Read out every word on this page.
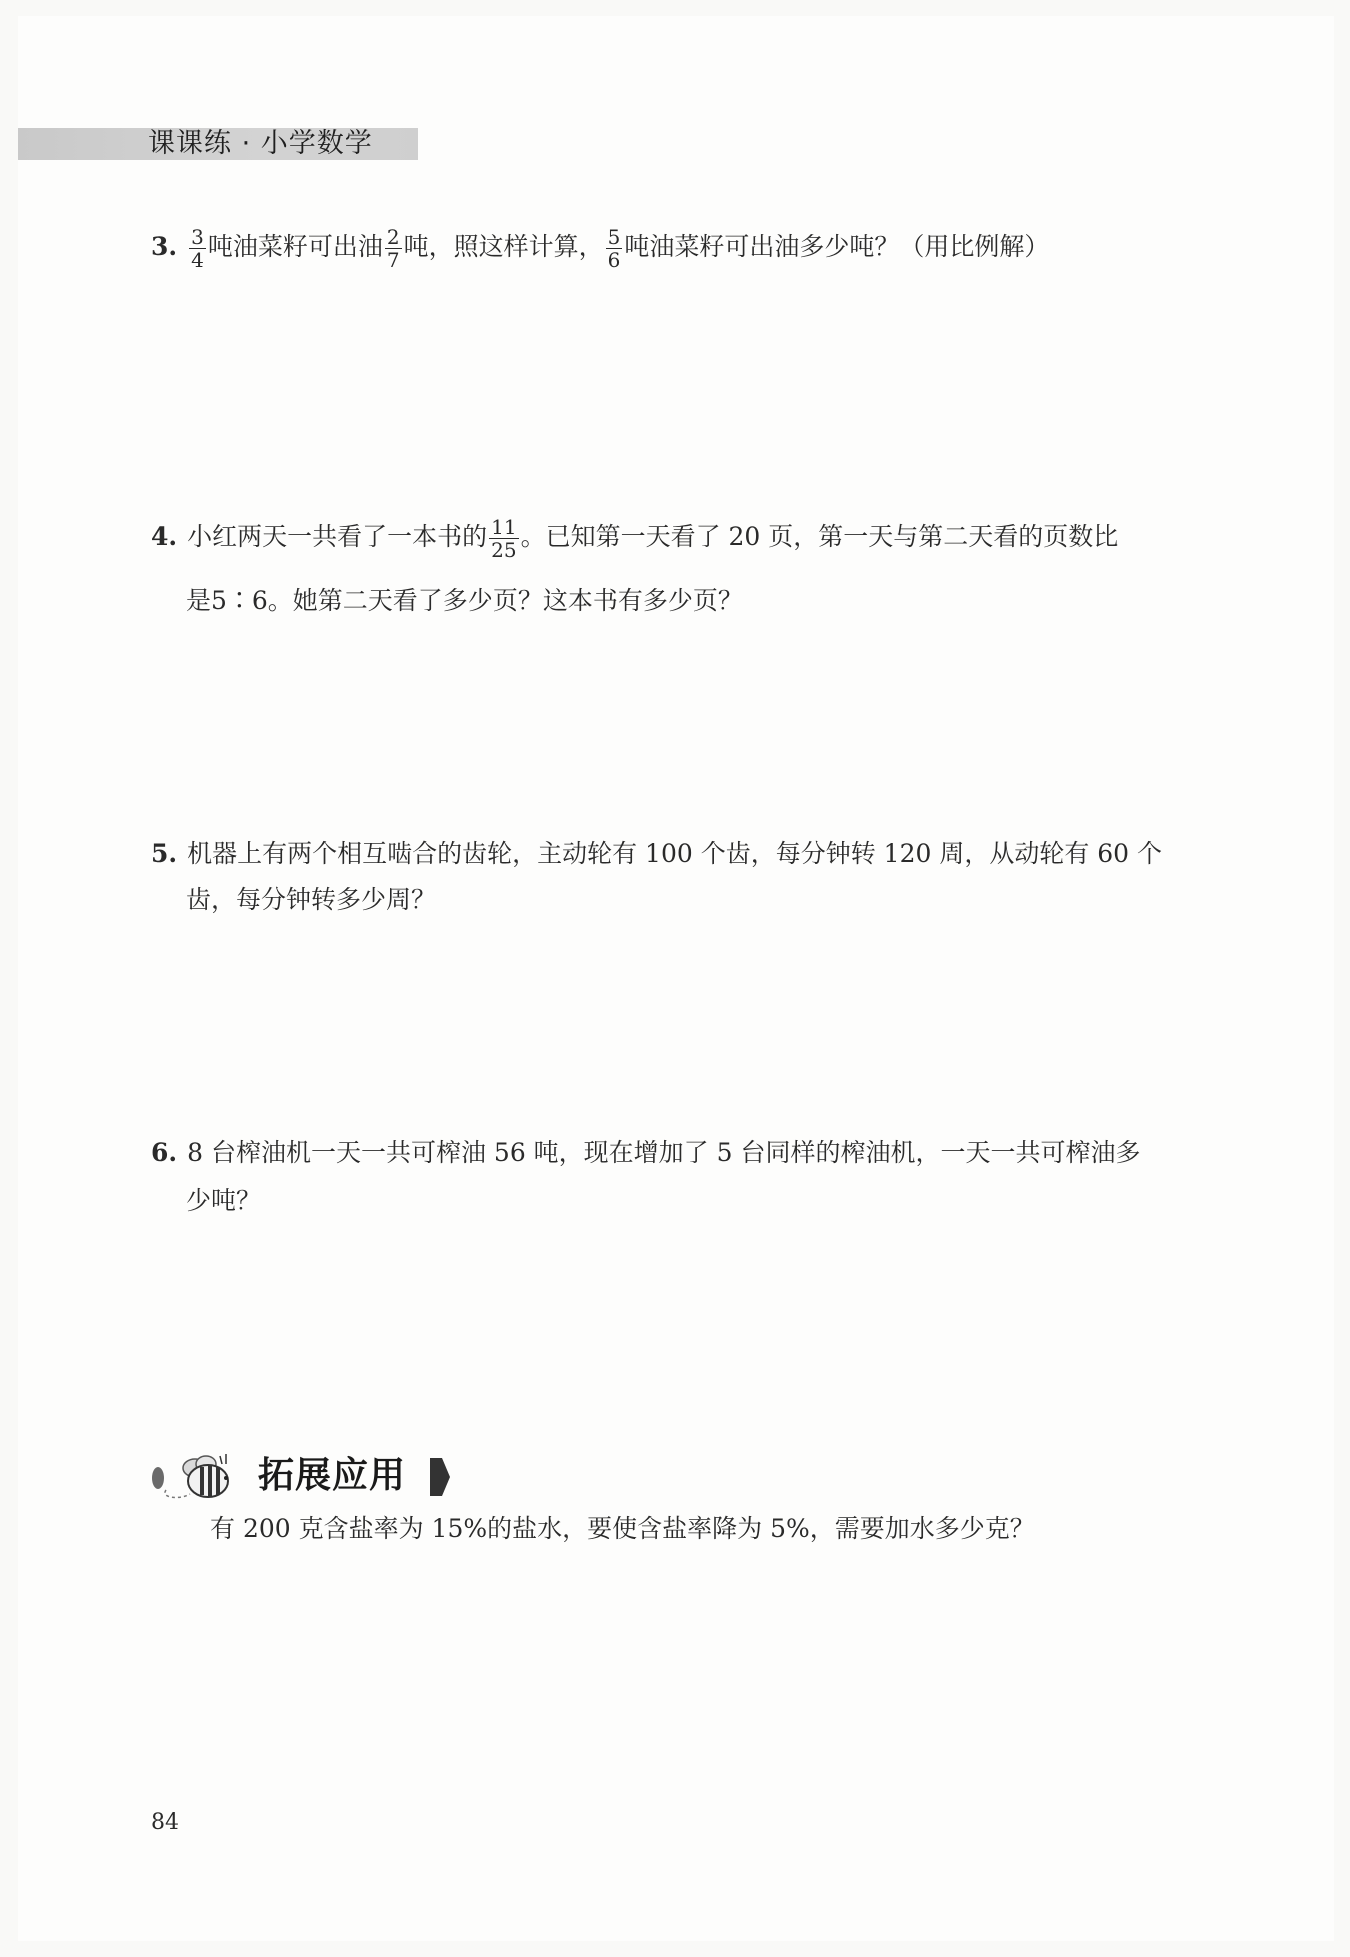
课课练 · 小学数学
3. $\frac{3}{4}$ 吨油菜籽可出油 $\frac{2}{7}$ 吨，照这样计算， $\frac{5}{6}$ 吨油菜籽可出油多少吨？（用比例解）
4. 小红两天一共看了一本书的 $\frac{11}{25}$ 。已知第一天看了 20 页，第一天与第二天看的页数比
是5∶6。她第二天看了多少页？这本书有多少页？
5. 机器上有两个相互啮合的齿轮，主动轮有 100 个齿，每分钟转 120 周，从动轮有 60 个
齿，每分钟转多少周？
6. 8 台榨油机一天一共可榨油 56 吨，现在增加了 5 台同样的榨油机，一天一共可榨油多
少吨？
拓展应用
有 200 克含盐率为 15%的盐水，要使含盐率降为 5%，需要加水多少克？
84
